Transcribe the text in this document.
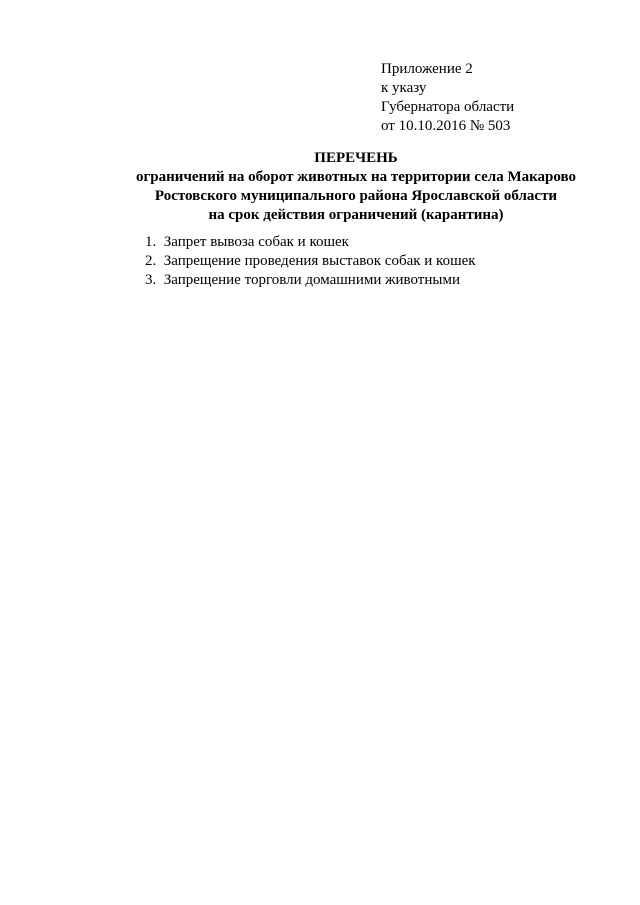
Приложение 2
к указу
Губернатора области
от 10.10.2016 № 503
ПЕРЕЧЕНЬ
ограничений на оборот животных на территории села Макарово
Ростовского муниципального района Ярославской области
на срок действия ограничений (карантина)
1. Запрет вывоза собак и кошек
2. Запрещение проведения выставок собак и кошек
3. Запрещение торговли домашними животными
